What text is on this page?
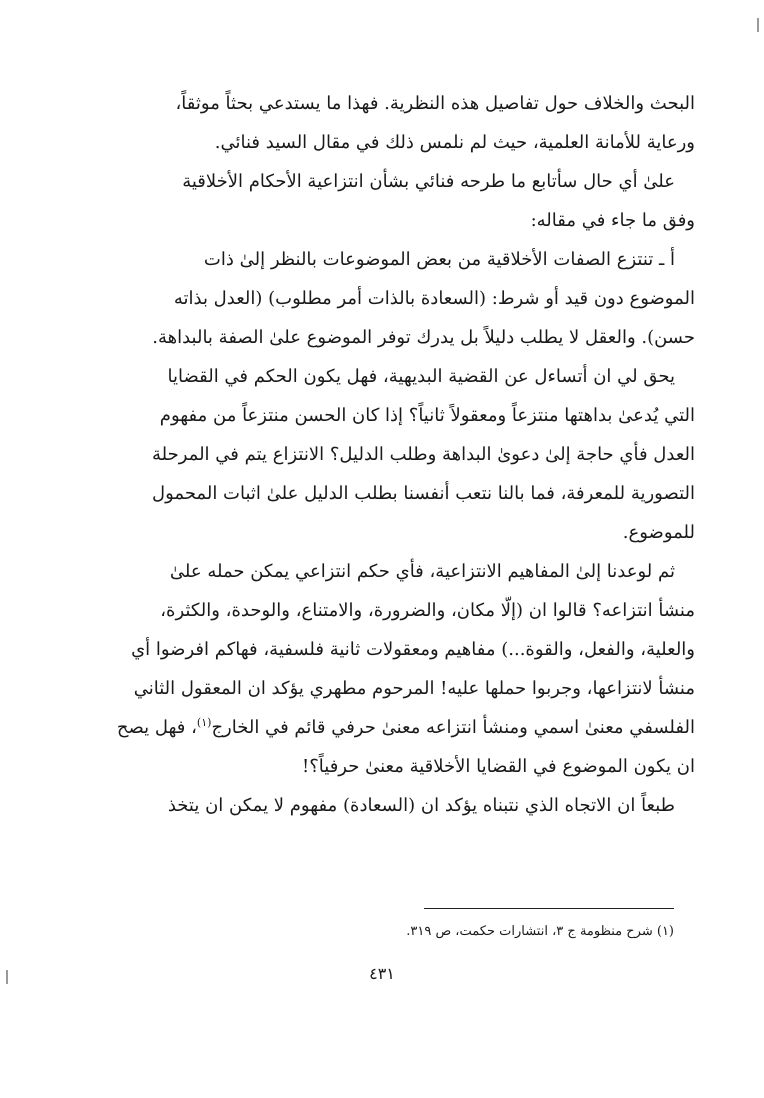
البحث والخلاف حول تفاصيل هذه النظرية. فهذا ما يستدعي بحثاً موثقاً،
ورعاية للأمانة العلمية، حيث لم نلمس ذلك في مقال السيد فنائي.
علىٰ أي حال سأتابع ما طرحه فنائي بشأن انتزاعية الأحكام الأخلاقية
وفق ما جاء في مقاله:
أ ـ تنتزع الصفات الأخلاقية من بعض الموضوعات بالنظر إلىٰ ذات
الموضوع دون قيد أو شرط: (السعادة بالذات أمر مطلوب) (العدل بذاته
حسن). والعقل لا يطلب دليلاً بل يدرك توفر الموضوع علىٰ الصفة بالبداهة.
يحق لي ان أتساءل عن القضية البديهية، فهل يكون الحكم في القضايا
التي يُدعىٰ بداهتها منتزعاً ومعقولاً ثانياً؟ إذا كان الحسن منتزعاً من مفهوم
العدل فأي حاجة إلىٰ دعوىٰ البداهة وطلب الدليل؟ الانتزاع يتم في المرحلة
التصورية للمعرفة، فما بالنا نتعب أنفسنا بطلب الدليل علىٰ اثبات المحمول
للموضوع.
ثم لوعدنا إلىٰ المفاهيم الانتزاعية، فأي حكم انتزاعي يمكن حمله علىٰ
منشأ انتزاعه؟ قالوا ان (إلّا مكان، والضرورة، والامتناع، والوحدة، والكثرة،
والعلية، والفعل، والقوة...) مفاهيم ومعقولات ثانية فلسفية، فهاكم افرضوا أي
منشأ لانتزاعها، وجربوا حملها عليه! المرحوم مطهري يؤكد ان المعقول الثاني
الفلسفي معنىٰ اسمي ومنشأ انتزاعه معنىٰ حرفي قائم في الخارج$^{(١)}$، فهل يصح
ان يكون الموضوع في القضايا الأخلاقية معنىٰ حرفياً؟!
طبعاً ان الاتجاه الذي نتبناه يؤكد ان (السعادة) مفهوم لا يمكن ان يتخذ
(١) شرح منظومة ج ٣، انتشارات حكمت، ص ٣١٩.
٤٣١
